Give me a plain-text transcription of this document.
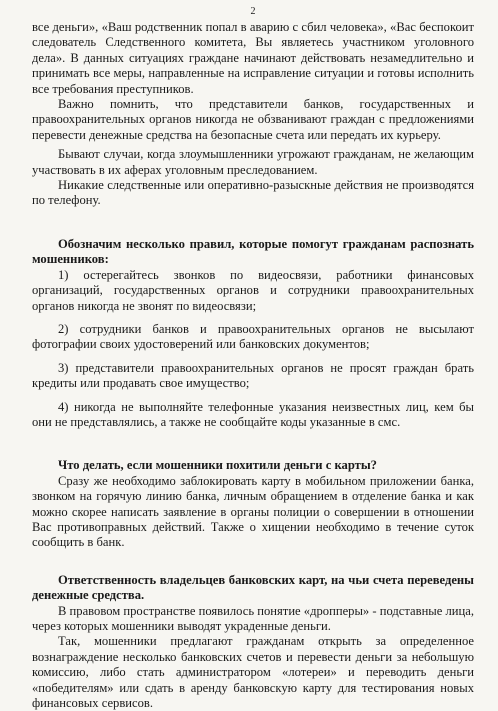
2

все деньги», «Ваш родственник попал в аварию с сбил человека», «Вас беспокоит следователь Следственного комитета, Вы являетесь участником уголовного дела». В данных ситуациях граждане начинают действовать незамедлительно и принимать все меры, направленные на исправление ситуации и готовы исполнить все требования преступников.

Важно помнить, что представители банков, государственных и правоохранительных органов никогда не обзванивают граждан с предложениями перевести денежные средства на безопасные счета или передать их курьеру.

Бывают случаи, когда злоумышленники угрожают гражданам, не желающим участвовать в их аферах уголовным преследованием.

Никакие следственные или оперативно-разыскные действия не производятся по телефону.

Обозначим несколько правил, которые помогут гражданам распознать мошенников:

1) остерегайтесь звонков по видеосвязи, работники финансовых организаций, государственных органов и сотрудники правоохранительных органов никогда не звонят по видеосвязи;

2) сотрудники банков и правоохранительных органов не высылают фотографии своих удостоверений или банковских документов;

3) представители правоохранительных органов не просят граждан брать кредиты или продавать свое имущество;

4) никогда не выполняйте телефонные указания неизвестных лиц, кем бы они не представлялись, а также не сообщайте коды указанные в смс.

Что делать, если мошенники похитили деньги с карты?

Сразу же необходимо заблокировать карту в мобильном приложении банка, звонком на горячую линию банка, личным обращением в отделение банка и как можно скорее написать заявление в органы полиции о совершении в отношении Вас противоправных действий. Также о хищении необходимо в течение суток сообщить в банк.

Ответственность владельцев банковских карт, на чьи счета переведены денежные средства.

В правовом пространстве появилось понятие «дропперы» - подставные лица, через которых мошенники выводят украденные деньги.

Так, мошенники предлагают гражданам открыть за определенное вознаграждение несколько банковских счетов и перевести деньги за небольшую комиссию, либо стать администратором «лотереи» и переводить деньги «победителям» или сдать в аренду банковскую карту для тестирования новых финансовых сервисов.
